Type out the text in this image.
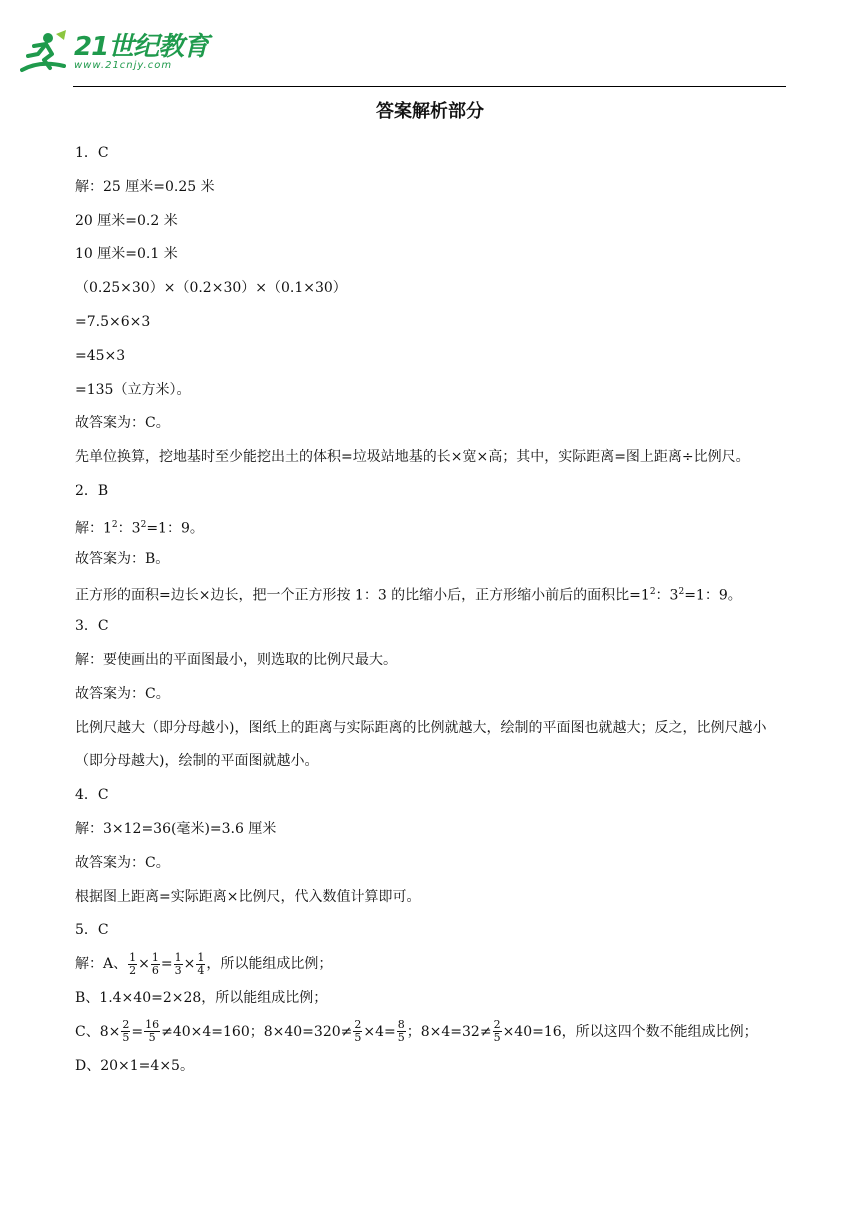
21世纪教育
www.21cnjy.com
答案解析部分
1．C
解：25 厘米=0.25 米
20 厘米=0.2 米
10 厘米=0.1 米
（0.25×30）×（0.2×30）×（0.1×30）
=7.5×6×3
=45×3
=135（立方米）。
故答案为：C。
先单位换算，挖地基时至少能挖出土的体积=垃圾站地基的长×宽×高；其中，实际距离=图上距离÷比例尺。
2．B
解：$1^2$：$3^2=1$：9。
故答案为：B。
正方形的面积=边长×边长，把一个正方形按 1：3 的比缩小后，正方形缩小前后的面积比$=1^2$：$3^2=1$：9。
3．C
解：要使画出的平面图最小，则选取的比例尺最大。
故答案为：C。
比例尺越大（即分母越小)，图纸上的距离与实际距离的比例就越大，绘制的平面图也就越大；反之，比例尺越小（即分母越大)，绘制的平面图就越小。
4．C
解：3×12=36(毫米)=3.6 厘米
故答案为：C。
根据图上距离=实际距离×比例尺，代入数值计算即可。
5．C
解：A、 $\frac{1}{2} \times \frac{1}{6} = \frac{1}{3} \times \frac{1}{4}$ ，所以能组成比例；
B、1.4×40=2×28，所以能组成比例；
C、$8\times \frac{2}{5} = \frac{16}{5} \ne 40\times 4=160$；$8\times 40=320\ne \frac{2}{5} \times 4= \frac{8}{5}$ ；$8\times 4=32\ne \frac{2}{5} \times 40=16$，所以这四个数不能组成比例；
D、20×1=4×5。
